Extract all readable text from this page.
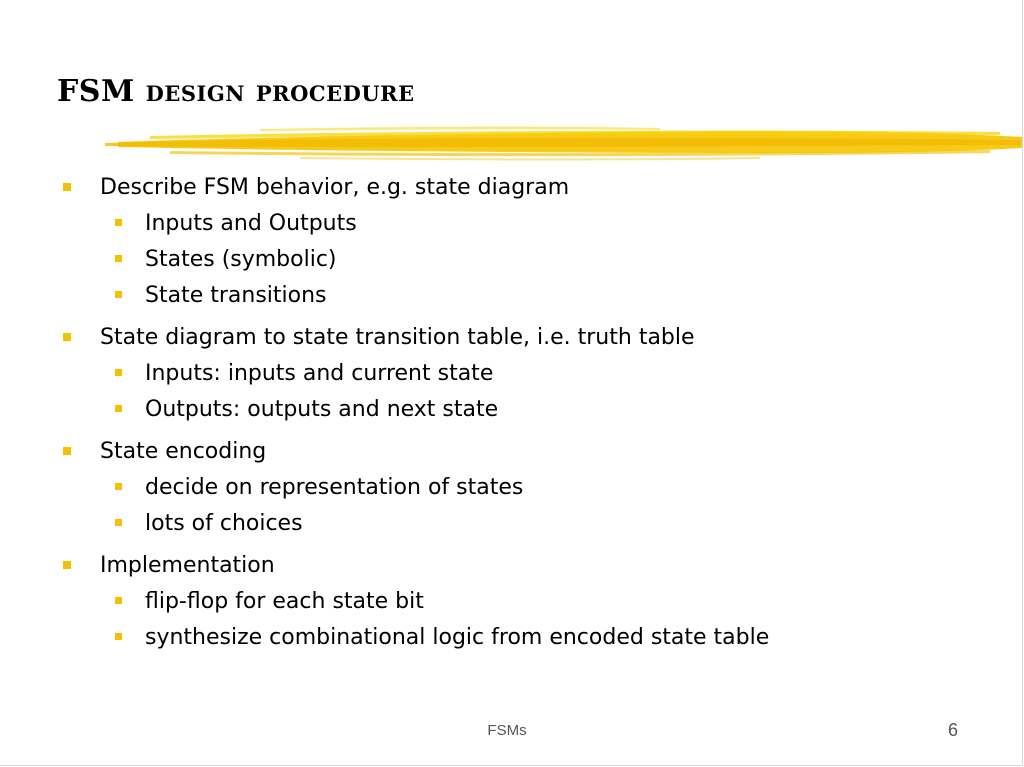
FSM design procedure
Describe FSM behavior, e.g. state diagram
Inputs and Outputs
States (symbolic)
State transitions
State diagram to state transition table, i.e. truth table
Inputs: inputs and current state
Outputs: outputs and next state
State encoding
decide on representation of states
lots of choices
Implementation
flip-flop for each state bit
synthesize combinational logic from encoded state table
FSMs	6
